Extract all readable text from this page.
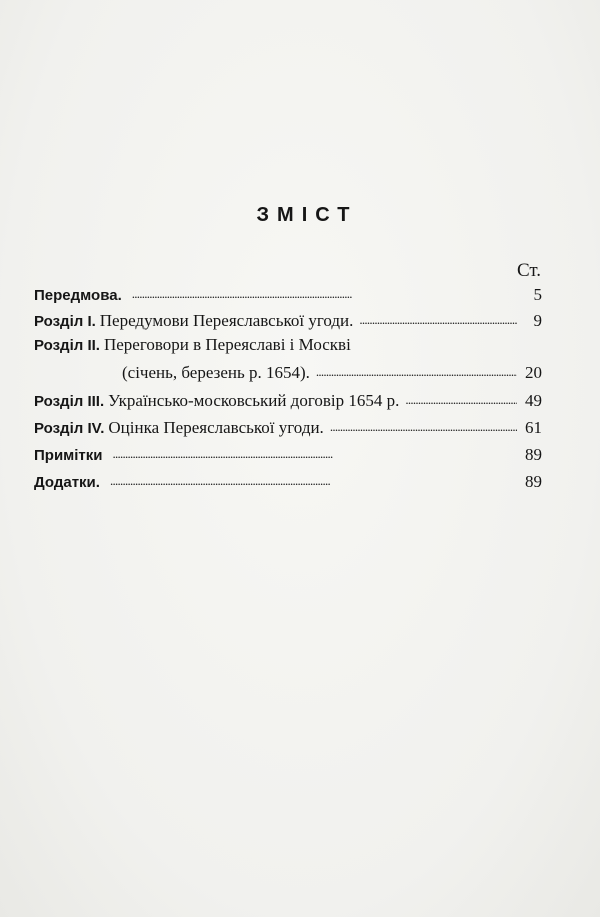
ЗМІСТ
Ст.
Передмова. . . .	5
Розділ І. Передумови Переяславської угоди. . . .	9
Розділ II. Переговори в Переяславі і Москві
(січень, березень р. 1654). . . .	20
Розділ III. Українсько-московський договір 1654 р. . . .	49
Розділ IV. Оцінка Переяславської угоди. . . .	61
Примітки . . .	89
Додатки. . . .	89
